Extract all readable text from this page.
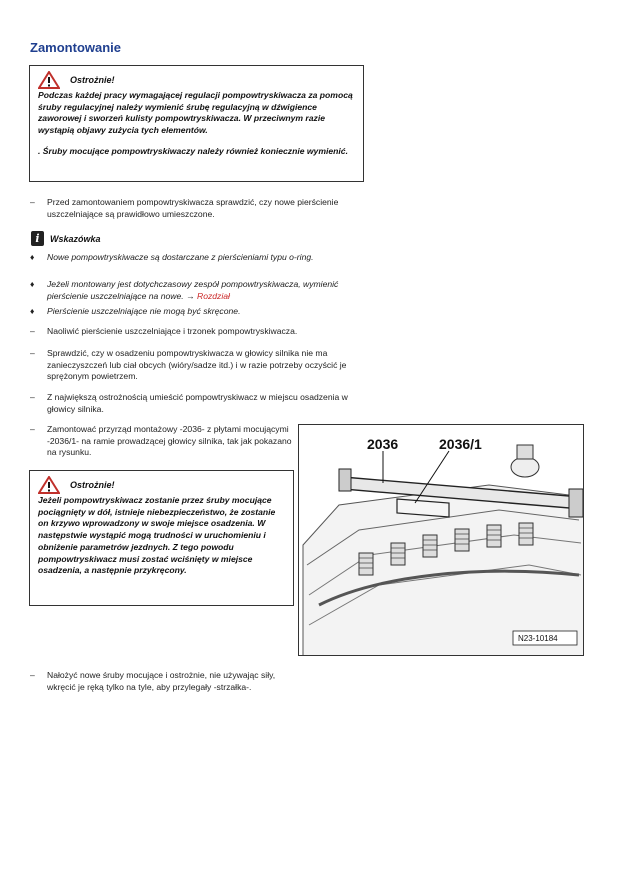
Zamontowanie
Ostrożnie!

Podczas każdej pracy wymagającej regulacji pompowtryskiwacza za pomocą śruby regulacyjnej należy wymienić śrubę regulacyjną w dźwigience zaworowej i sworzeń kulisty pompowtryskiwacza. W przeciwnym razie wystąpią objawy zużycia tych elementów.

. Śruby mocujące pompowtryskiwaczy należy również koniecznie wymienić.

– Przed zamontowaniem pompowtryskiwacza sprawdzić, czy nowe pierścienie uszczelniające są prawidłowo umieszczone.
i	Wskazówka
♦ Nowe pompowtryskiwacze są dostarczane z pierścieniami typu o-ring.
♦ Jeżeli montowany jest dotychczasowy zespół pompowtryskiwacza, wymienić pierścienie uszczelniające na nowe. → Rozdział
♦ Pierścienie uszczelniające nie mogą być skręcone.
– Naoliwić pierścienie uszczelniające i trzonek pompowtryskiwacza.
– Sprawdzić, czy w osadzeniu pompowtryskiwacza w głowicy silnika nie ma zanieczyszczeń lub ciał obcych (wióry/sadze itd.) i w razie potrzeby oczyścić je sprężonym powietrzem.
– Z największą ostrożnością umieścić pompowtryskiwacz w miejscu osadzenia w głowicy silnika.
– Zamontować przyrząd montażowy -2036- z płytami mocującymi -2036/1- na ramie prowadzącej głowicy silnika, tak jak pokazano na rysunku.
Ostrożnie!

Jeżeli pompowtryskiwacz zostanie przez śruby mocujące pociągnięty w dół, istnieje niebezpieczeństwo, że zostanie on krzywo wprowadzony w swoje miejsce osadzenia. W następstwie wystąpić mogą trudności w uruchomieniu i obniżenie parametrów jezdnych. Z tego powodu pompowtryskiwacz musi zostać wciśnięty w miejsce osadzenia, a następnie przykręcony.

2036	2036/1
N23-10184
– Nałożyć nowe śruby mocujące i ostrożnie, nie używając siły, wkręcić je ręką tylko na tyle, aby przylegały -strzałka-.
